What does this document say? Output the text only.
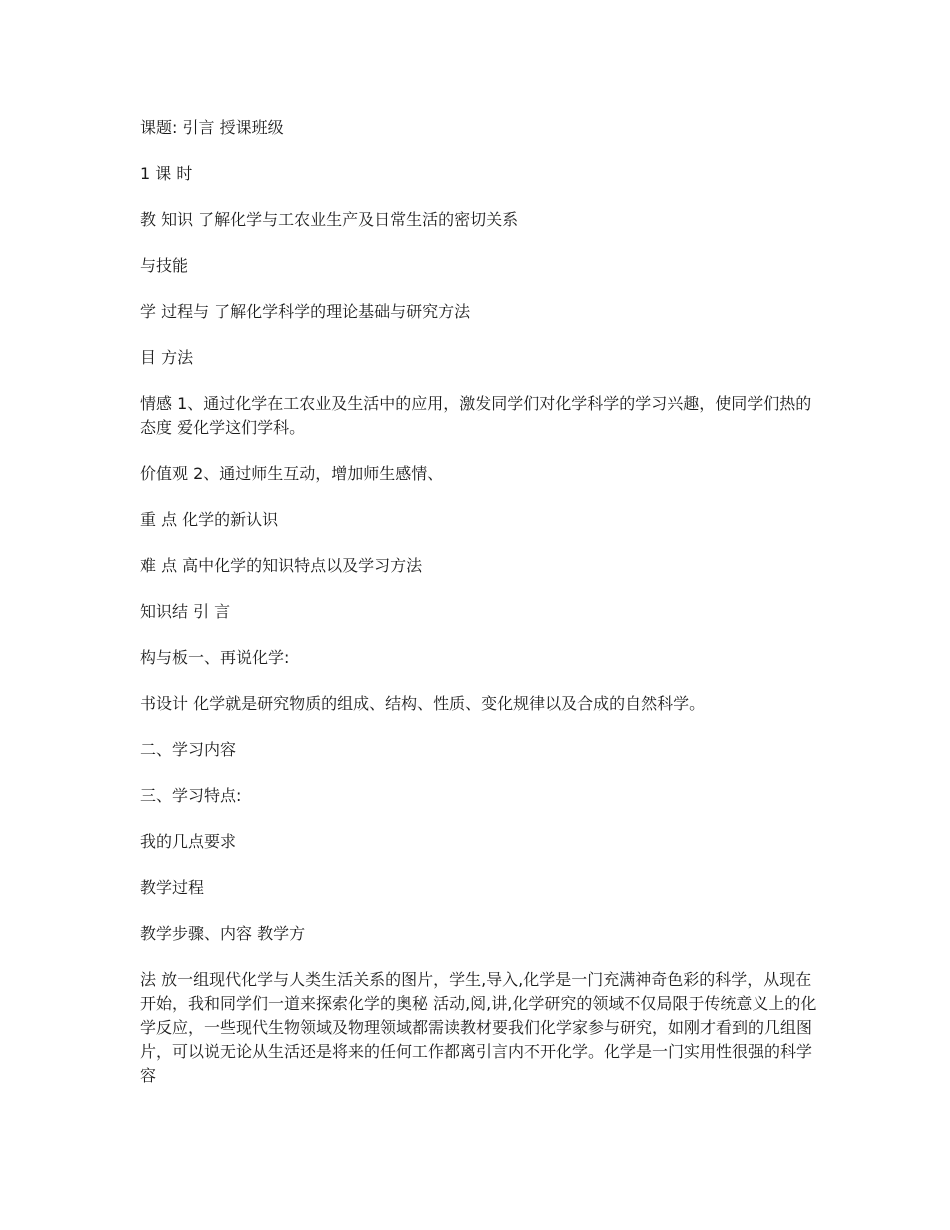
课题: 引言 授课班级

1 课 时

教 知识 了解化学与工农业生产及日常生活的密切关系

与技能

学 过程与 了解化学科学的理论基础与研究方法

目 方法

情感 1、通过化学在工农业及生活中的应用，激发同学们对化学科学的学习兴趣，使同学们热的 态度 爱化学这们学科。

价值观 2、通过师生互动，增加师生感情、

重 点 化学的新认识

难 点 高中化学的知识特点以及学习方法

知识结 引 言

构与板一、再说化学:

书设计 化学就是研究物质的组成、结构、性质、变化规律以及合成的自然科学。

二、学习内容

三、学习特点:

我的几点要求

教学过程

教学步骤、内容 教学方

法 放一组现代化学与人类生活关系的图片，学生,导入,化学是一门充满神奇色彩的科学，从现在开始，我和同学们一道来探索化学的奥秘 活动,阅,讲,化学研究的领域不仅局限于传统意义上的化学反应，一些现代生物领域及物理领域都需读教材要我们化学家参与研究，如刚才看到的几组图片，可以说无论从生活还是将来的任何工作都离引言内不开化学。化学是一门实用性很强的科学 容
